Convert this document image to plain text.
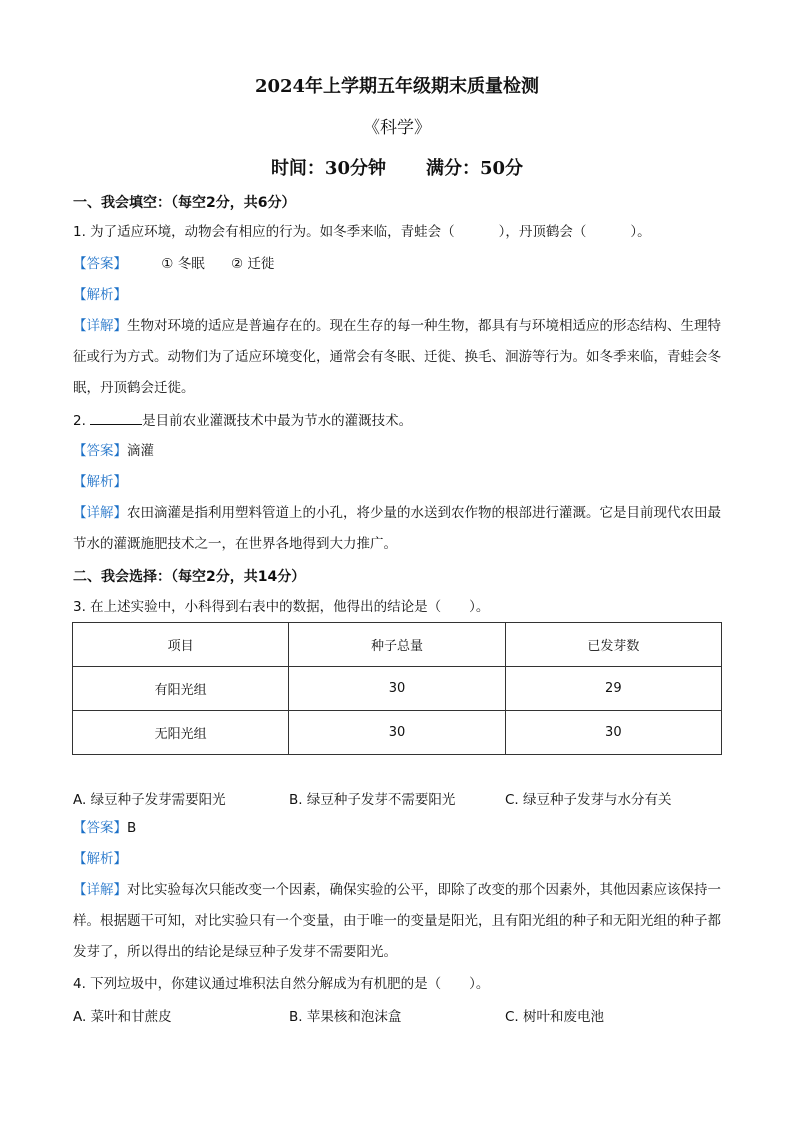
2024年上学期五年级期末质量检测
《科学》
时间：30分钟 满分：50分
一、我会填空：（每空2分，共6分）
1. 为了适应环境，动物会有相应的行为。如冬季来临，青蛙会（	），丹顶鹤会（	）。
【答案】	① 冬眠 ② 迁徙
【解析】
【详解】生物对环境的适应是普遍存在的。现在生存的每一种生物，都具有与环境相适应的形态结构、生理特征或行为方式。动物们为了适应环境变化，通常会有冬眠、迁徙、换毛、洄游等行为。如冬季来临，青蛙会冬眠，丹顶鹤会迁徙。
2.	是目前农业灌溉技术中最为节水的灌溉技术。
【答案】滴灌
【解析】
【详解】农田滴灌是指利用塑料管道上的小孔，将少量的水送到农作物的根部进行灌溉。它是目前现代农田最节水的灌溉施肥技术之一，在世界各地得到大力推广。
二、我会选择：（每空2分，共14分）
3. 在上述实验中，小科得到右表中的数据，他得出的结论是（ ）。
项目	种子总量	已发芽数
有阳光组	30	29
无阳光组	30	30
A. 绿豆种子发芽需要阳光	B. 绿豆种子发芽不需要阳光	C. 绿豆种子发芽与水分有关
【答案】B
【解析】
【详解】对比实验每次只能改变一个因素，确保实验的公平，即除了改变的那个因素外，其他因素应该保持一样。根据题干可知，对比实验只有一个变量，由于唯一的变量是阳光，且有阳光组的种子和无阳光组的种子都发芽了，所以得出的结论是绿豆种子发芽不需要阳光。
4. 下列垃圾中，你建议通过堆积法自然分解成为有机肥的是（ ）。
A. 菜叶和甘蔗皮	B. 苹果核和泡沫盒	C. 树叶和废电池
